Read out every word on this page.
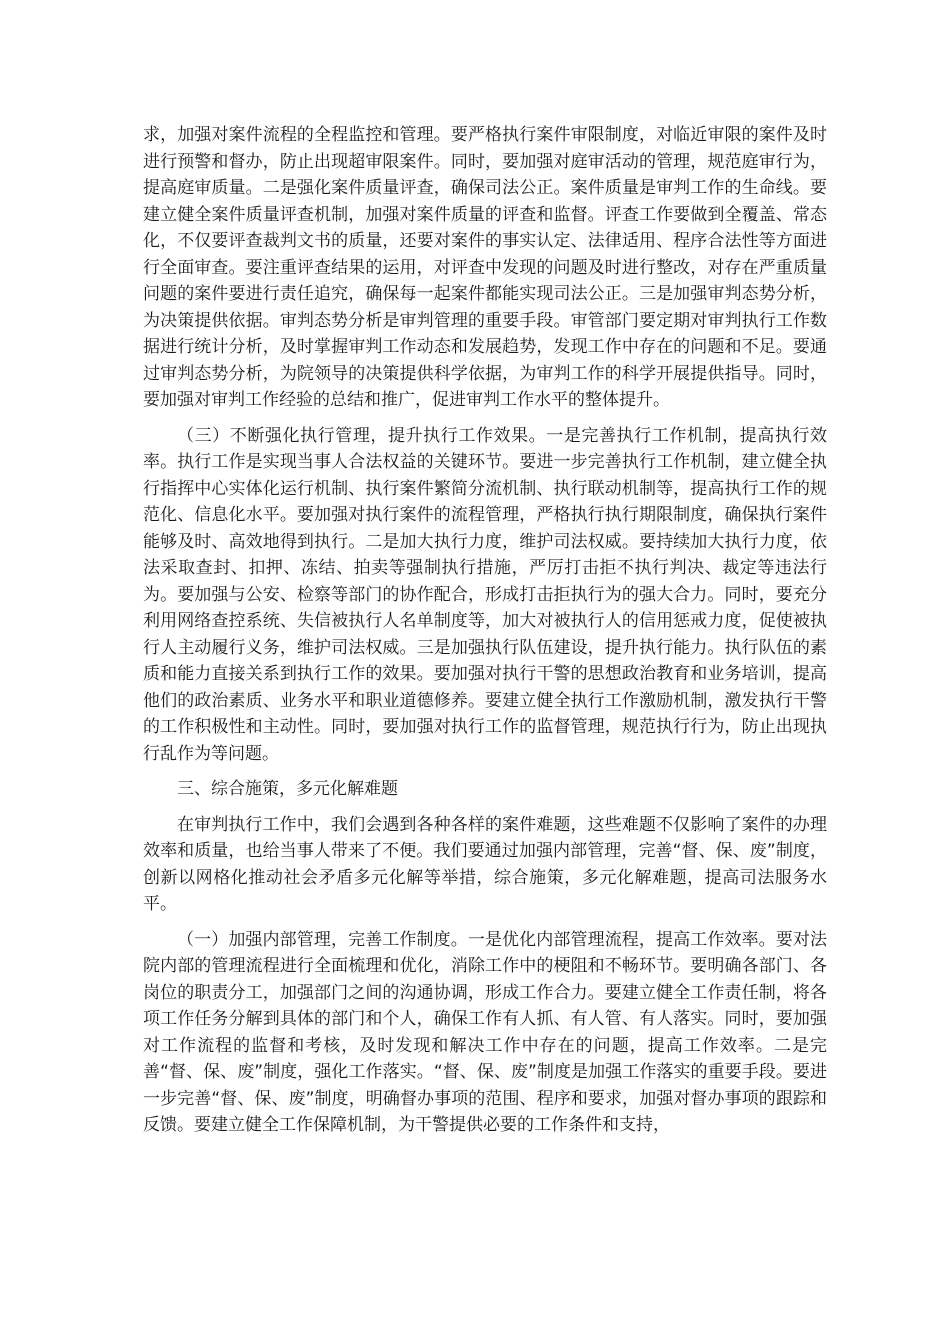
求，加强对案件流程的全程监控和管理。要严格执行案件审限制度，对临近审限的案件及时进行预警和督办，防止出现超审限案件。同时，要加强对庭审活动的管理，规范庭审行为，提高庭审质量。二是强化案件质量评查，确保司法公正。案件质量是审判工作的生命线。要建立健全案件质量评查机制，加强对案件质量的评查和监督。评查工作要做到全覆盖、常态化，不仅要评查裁判文书的质量，还要对案件的事实认定、法律适用、程序合法性等方面进行全面审查。要注重评查结果的运用，对评查中发现的问题及时进行整改，对存在严重质量问题的案件要进行责任追究，确保每一起案件都能实现司法公正。三是加强审判态势分析，为决策提供依据。审判态势分析是审判管理的重要手段。审管部门要定期对审判执行工作数据进行统计分析，及时掌握审判工作动态和发展趋势，发现工作中存在的问题和不足。要通过审判态势分析，为院领导的决策提供科学依据，为审判工作的科学开展提供指导。同时，要加强对审判工作经验的总结和推广，促进审判工作水平的整体提升。

（三）不断强化执行管理，提升执行工作效果。一是完善执行工作机制，提高执行效率。执行工作是实现当事人合法权益的关键环节。要进一步完善执行工作机制，建立健全执行指挥中心实体化运行机制、执行案件繁简分流机制、执行联动机制等，提高执行工作的规范化、信息化水平。要加强对执行案件的流程管理，严格执行执行期限制度，确保执行案件能够及时、高效地得到执行。二是加大执行力度，维护司法权威。要持续加大执行力度，依法采取查封、扣押、冻结、拍卖等强制执行措施，严厉打击拒不执行判决、裁定等违法行为。要加强与公安、检察等部门的协作配合，形成打击拒执行为的强大合力。同时，要充分利用网络查控系统、失信被执行人名单制度等，加大对被执行人的信用惩戒力度，促使被执行人主动履行义务，维护司法权威。三是加强执行队伍建设，提升执行能力。执行队伍的素质和能力直接关系到执行工作的效果。要加强对执行干警的思想政治教育和业务培训，提高他们的政治素质、业务水平和职业道德修养。要建立健全执行工作激励机制，激发执行干警的工作积极性和主动性。同时，要加强对执行工作的监督管理，规范执行行为，防止出现执行乱作为等问题。

三、综合施策，多元化解难题

在审判执行工作中，我们会遇到各种各样的案件难题，这些难题不仅影响了案件的办理效率和质量，也给当事人带来了不便。我们要通过加强内部管理，完善“督、保、废”制度，创新以网格化推动社会矛盾多元化解等举措，综合施策，多元化解难题，提高司法服务水平。

（一）加强内部管理，完善工作制度。一是优化内部管理流程，提高工作效率。要对法院内部的管理流程进行全面梳理和优化，消除工作中的梗阻和不畅环节。要明确各部门、各岗位的职责分工，加强部门之间的沟通协调，形成工作合力。要建立健全工作责任制，将各项工作任务分解到具体的部门和个人，确保工作有人抓、有人管、有人落实。同时，要加强对工作流程的监督和考核，及时发现和解决工作中存在的问题，提高工作效率。二是完善“督、保、废”制度，强化工作落实。“督、保、废”制度是加强工作落实的重要手段。要进一步完善“督、保、废”制度，明确督办事项的范围、程序和要求，加强对督办事项的跟踪和反馈。要建立健全工作保障机制，为干警提供必要的工作条件和支持，
